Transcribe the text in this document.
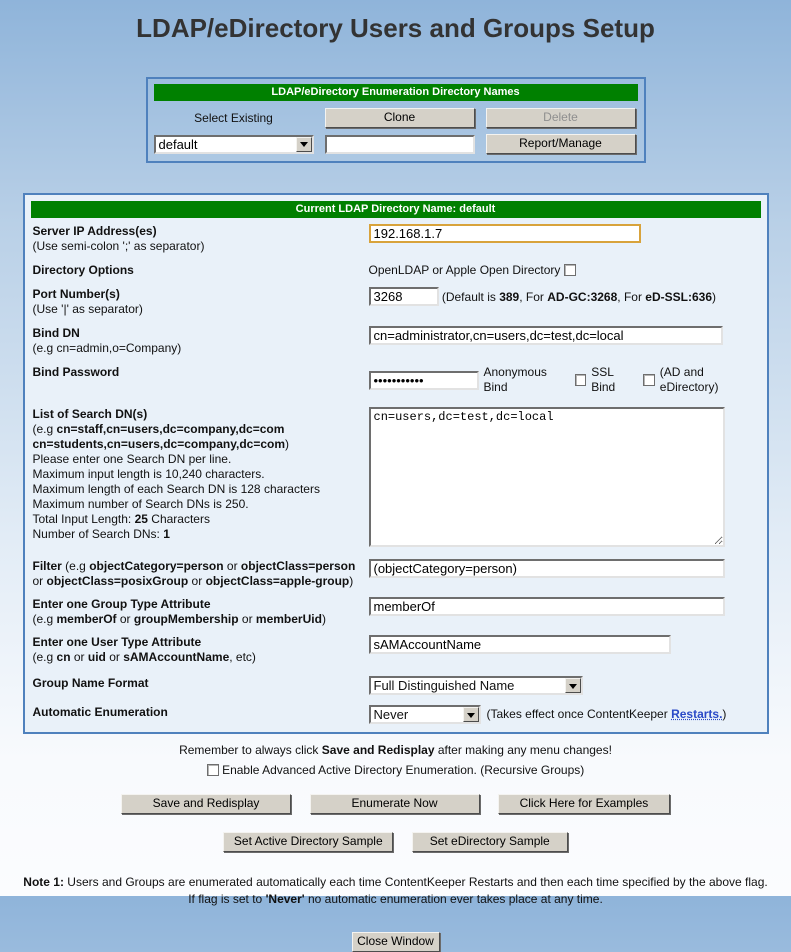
LDAP/eDirectory Users and Groups Setup
LDAP/eDirectory Enumeration Directory Names
Select Existing	Clone	Delete
default	Report/Manage
Current LDAP Directory Name: default
Server IP Address(es)
(Use semi-colon ';' as separator)
192.168.1.7
Directory Options	OpenLDAP or Apple Open Directory
Port Number(s)
(Use '|' as separator)
3268 (Default is 389, For AD-GC:3268, For eD-SSL:636)
Bind DN
(e.g cn=admin,o=Company)
cn=administrator,cn=users,dc=test,dc=local
Bind Password	Anonymous Bind
SSL Bind
(AD and eDirectory)
List of Search DN(s)
(e.g cn=staff,cn=users,dc=company,dc=com
cn=students,cn=users,dc=company,dc=com)
Please enter one Search DN per line.
Maximum input length is 10,240 characters.
Maximum length of each Search DN is 128 characters
Maximum number of Search DNs is 250.
Total Input Length: 25 Characters
Number of Search DNs: 1
cn=users,dc=test,dc=local
Filter (e.g objectCategory=person or objectClass=person or objectClass=posixGroup or objectClass=apple-group)
(objectCategory=person)
Enter one Group Type Attribute
(e.g memberOf or groupMembership or memberUid)
memberOf
Enter one User Type Attribute
(e.g cn or uid or sAMAccountName, etc)
sAMAccountName
Group Name Format	Full Distinguished Name
Automatic Enumeration	Never	(Takes effect once ContentKeeper Restarts.)
Remember to always click Save and Redisplay after making any menu changes!
Enable Advanced Active Directory Enumeration. (Recursive Groups)
Save and Redisplay	Enumerate Now	Click Here for Examples
Set Active Directory Sample	Set eDirectory Sample
Note 1: Users and Groups are enumerated automatically each time ContentKeeper Restarts and then each time specified by the above flag.
If flag is set to 'Never' no automatic enumeration ever takes place at any time.
Close Window
